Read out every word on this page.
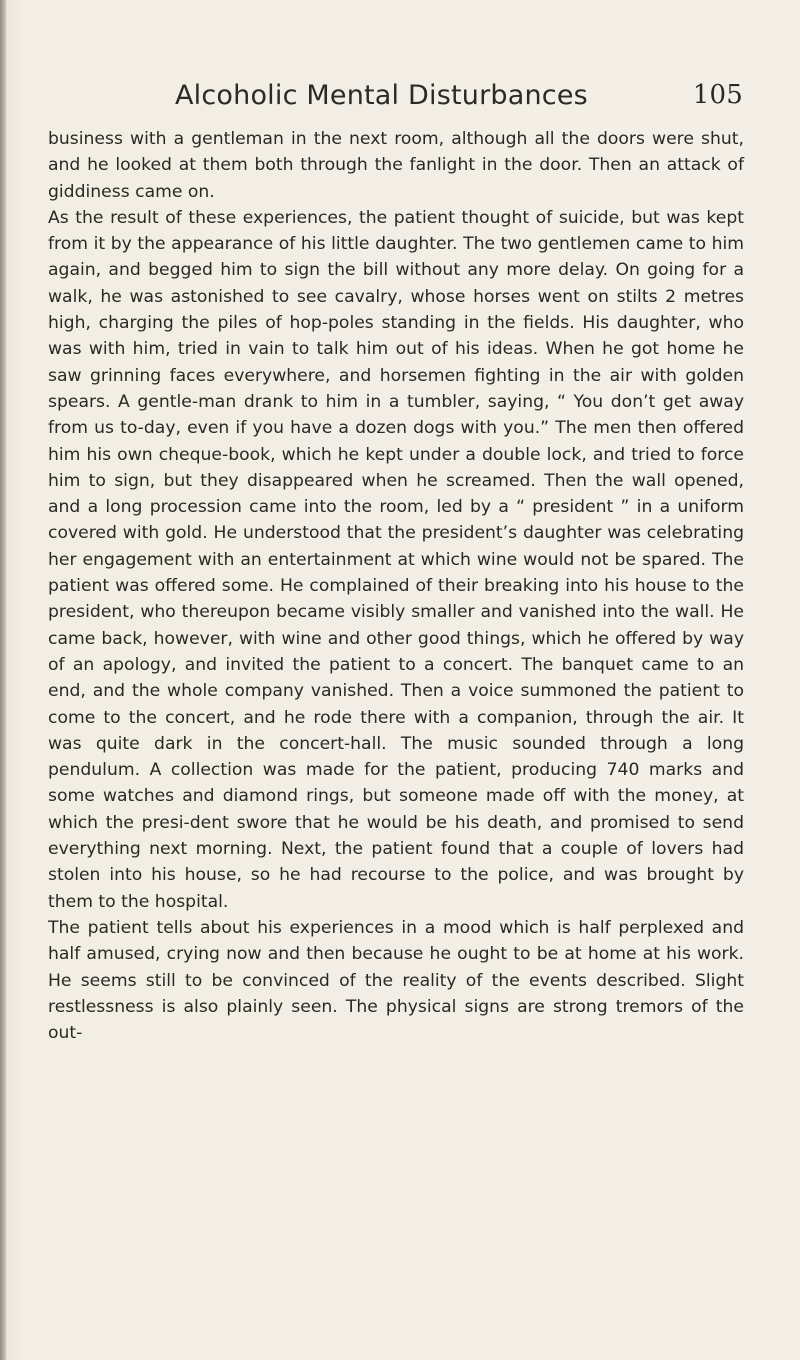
Alcoholic Mental Disturbances	105

business with a gentleman in the next room, although all the doors were shut, and he looked at them both through the fanlight in the door. Then an attack of giddiness came on.

As the result of these experiences, the patient thought of suicide, but was kept from it by the appearance of his little daughter. The two gentlemen came to him again, and begged him to sign the bill without any more delay. On going for a walk, he was astonished to see cavalry, whose horses went on stilts 2 metres high, charging the piles of hop-poles standing in the fields. His daughter, who was with him, tried in vain to talk him out of his ideas. When he got home he saw grinning faces everywhere, and horsemen fighting in the air with golden spears. A gentle-man drank to him in a tumbler, saying, “ You don’t get away from us to-day, even if you have a dozen dogs with you.” The men then offered him his own cheque-book, which he kept under a double lock, and tried to force him to sign, but they disappeared when he screamed. Then the wall opened, and a long procession came into the room, led by a “ president ” in a uniform covered with gold. He understood that the president’s daughter was celebrating her engagement with an entertainment at which wine would not be spared. The patient was offered some. He complained of their breaking into his house to the president, who thereupon became visibly smaller and vanished into the wall. He came back, however, with wine and other good things, which he offered by way of an apology, and invited the patient to a concert. The banquet came to an end, and the whole company vanished. Then a voice summoned the patient to come to the concert, and he rode there with a companion, through the air. It was quite dark in the concert-hall. The music sounded through a long pendulum. A collection was made for the patient, producing 740 marks and some watches and diamond rings, but someone made off with the money, at which the presi-dent swore that he would be his death, and promised to send everything next morning. Next, the patient found that a couple of lovers had stolen into his house, so he had recourse to the police, and was brought by them to the hospital.

The patient tells about his experiences in a mood which is half perplexed and half amused, crying now and then because he ought to be at home at his work. He seems still to be convinced of the reality of the events described. Slight restlessness is also plainly seen. The physical signs are strong tremors of the out-
